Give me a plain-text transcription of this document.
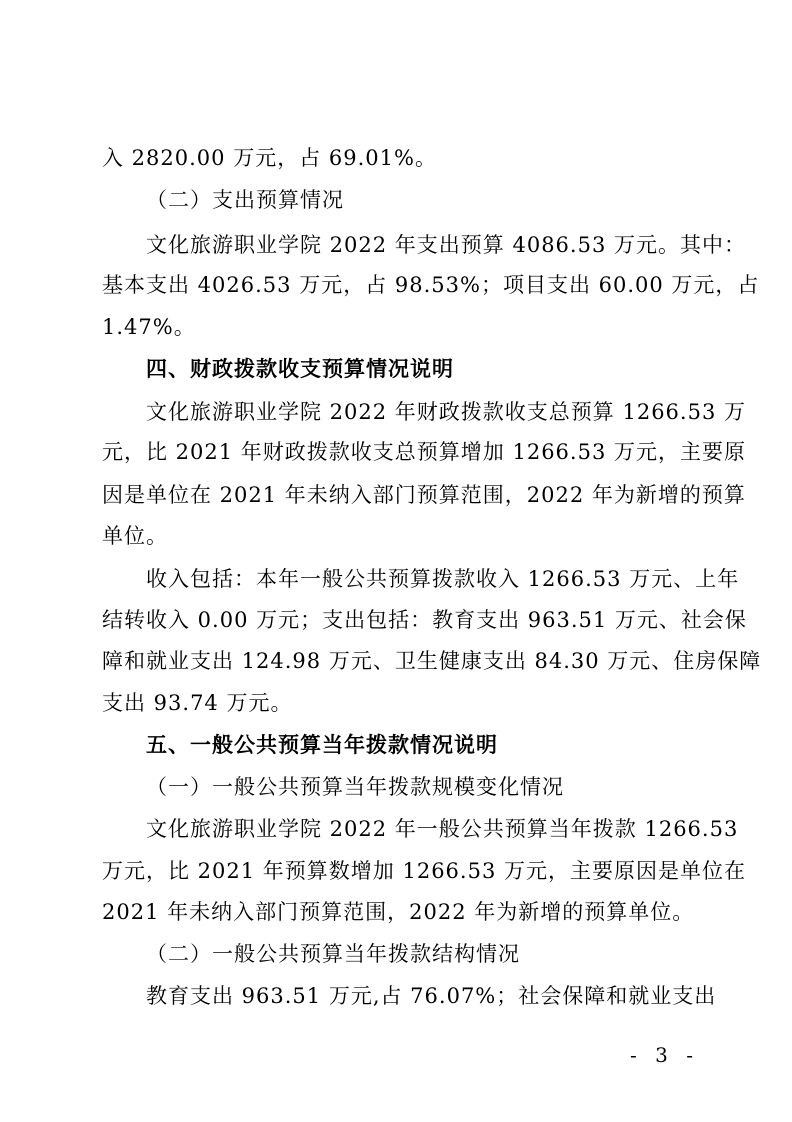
入 2820.00 万元，占 69.01%。
（二）支出预算情况
文化旅游职业学院 2022 年支出预算 4086.53 万元。其中：
基本支出 4026.53 万元，占 98.53%；项目支出 60.00 万元，占
1.47%。
四、财政拨款收支预算情况说明
文化旅游职业学院 2022 年财政拨款收支总预算 1266.53 万
元，比 2021 年财政拨款收支总预算增加 1266.53 万元，主要原
因是单位在 2021 年未纳入部门预算范围，2022 年为新增的预算
单位。
收入包括：本年一般公共预算拨款收入 1266.53 万元、上年
结转收入 0.00 万元；支出包括：教育支出 963.51 万元、社会保
障和就业支出 124.98 万元、卫生健康支出 84.30 万元、住房保障
支出 93.74 万元。
五、一般公共预算当年拨款情况说明
（一）一般公共预算当年拨款规模变化情况
文化旅游职业学院 2022 年一般公共预算当年拨款 1266.53
万元，比 2021 年预算数增加 1266.53 万元，主要原因是单位在
2021 年未纳入部门预算范围，2022 年为新增的预算单位。
（二）一般公共预算当年拨款结构情况
教育支出 963.51 万元,占 76.07%；社会保障和就业支出
- 3 -
